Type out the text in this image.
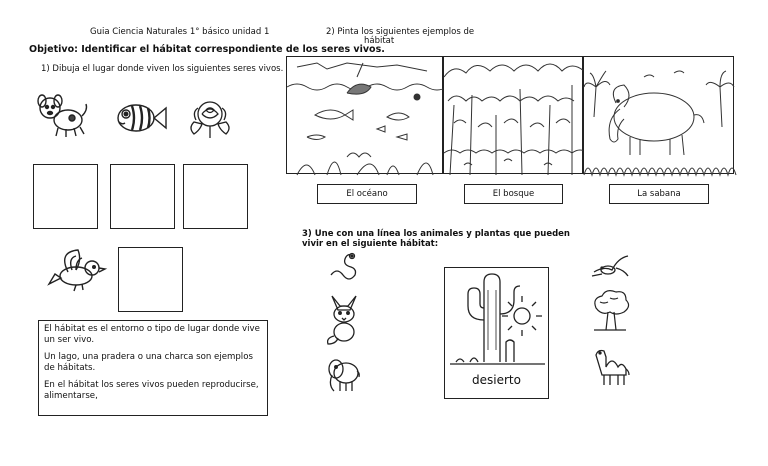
Guia Ciencia Naturales 1° básico unidad 1	2) Pinta los siguientes ejemplos de
hábitat
Objetivo: Identificar el hábitat correspondiente de los seres vivos.
1) Dibuja el lugar donde viven los siguientes seres vivos.

El hábitat es el entorno o tipo de lugar donde vive un ser vivo.

Un lago, una pradera o una charca son ejemplos de hábitats.

En el hábitat los seres vivos pueden reproducirse, alimentarse,

El océano	El bosque	La sabana
3) Une con una línea los animales y plantas que pueden vivir en el siguiente hábitat:
desierto
